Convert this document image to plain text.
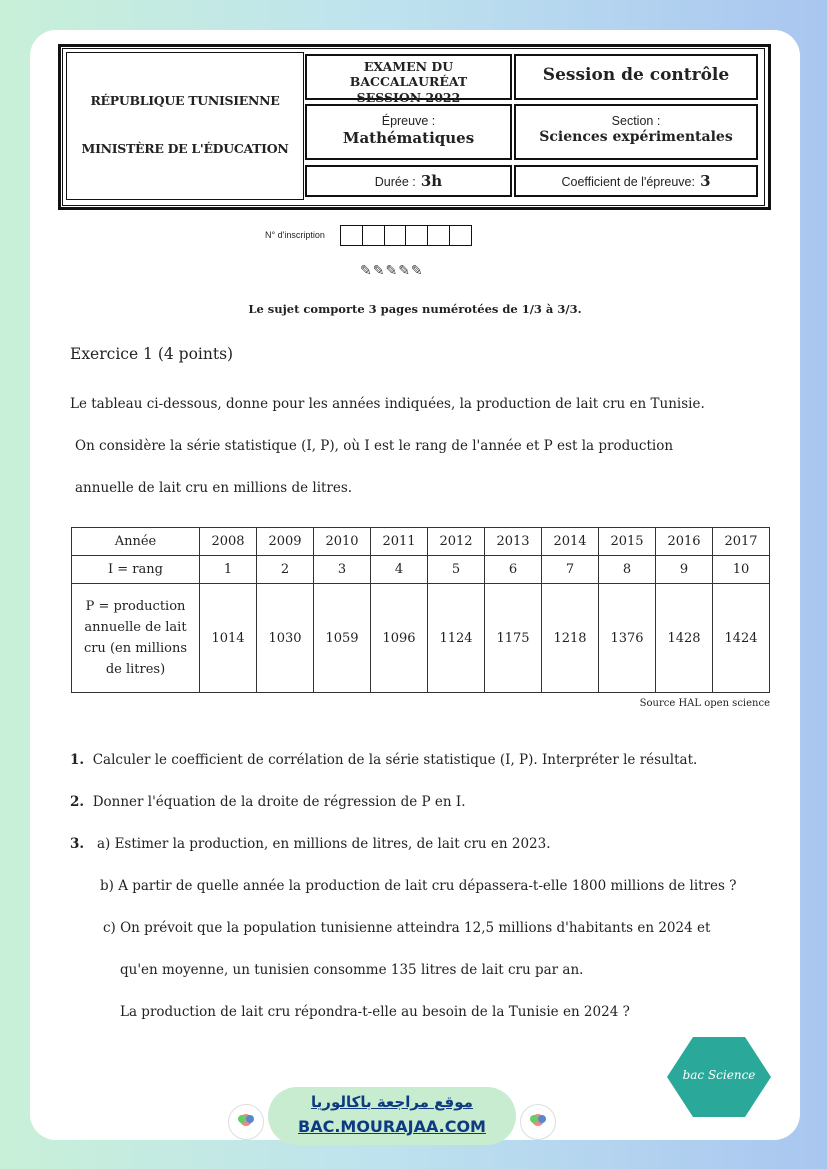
RÉPUBLIQUE TUNISIENNE
MINISTÈRE DE L'ÉDUCATION
EXAMEN DU BACCALAURÉAT
SESSION 2022
Session de contrôle
Épreuve :
Mathématiques
Section :
Sciences expérimentales
Durée : 3h	Coefficient de l'épreuve: 3
N° d'inscription
✎✎✎✎✎
Le sujet comporte 3 pages numérotées de 1/3 à 3/3.
Exercice 1 (4 points)
Le tableau ci-dessous, donne pour les années indiquées, la production de lait cru en Tunisie.
On considère la série statistique (I, P), où I est le rang de l'année et P est la production
annuelle de lait cru en millions de litres.
Année	2008	2009	2010	2011	2012	2013	2014	2015	2016	2017
I = rang	1	2	3	4	5	6	7	8	9	10

P = production
annuelle de lait
cru (en millions
de litres)	1014	1030	1059	1096	1124	1175	1218	1376	1428	1424
Source HAL open science
1. Calculer le coefficient de corrélation de la série statistique (I, P). Interpréter le résultat.
2. Donner l'équation de la droite de régression de P en I.
3. a) Estimer la production, en millions de litres, de lait cru en 2023.
b) A partir de quelle année la production de lait cru dépassera-t-elle 1800 millions de litres ?
c) On prévoit que la population tunisienne atteindra 12,5 millions d'habitants en 2024 et
qu'en moyenne, un tunisien consomme 135 litres de lait cru par an.
La production de lait cru répondra-t-elle au besoin de la Tunisie en 2024 ?
موقع مراجعة باكالوريا
BAC.MOURAJAA.COM
bac Science
